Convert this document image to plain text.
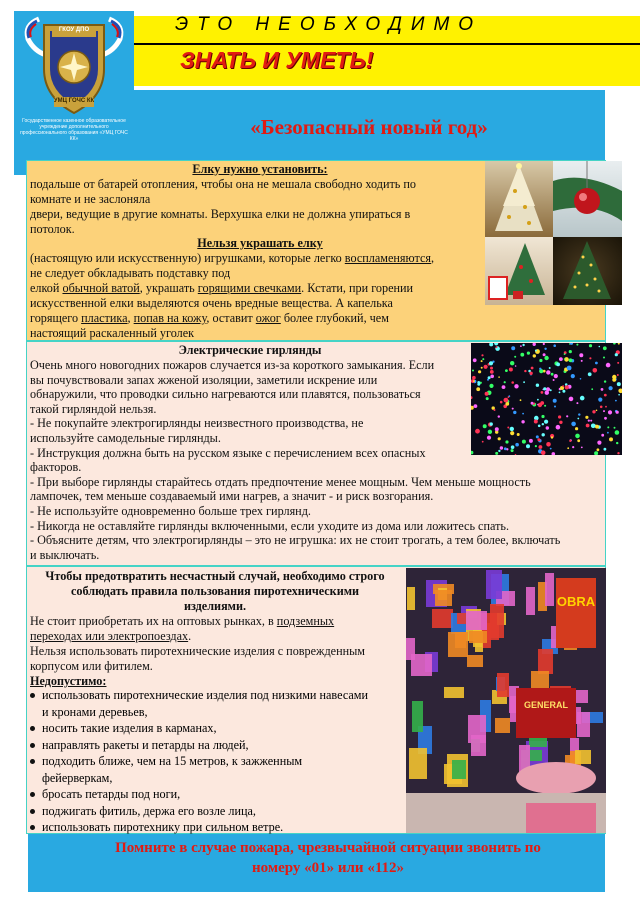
ЭТО НЕОБХОДИМО
ЗНАТЬ И УМЕТЬ!
ГКОУ ДПО
УМЦ ГОЧС КК
Государственное казенное образовательное учреждение дополнительного профессионального образования «УМЦ ГОЧС КК»	«Безопасный новый год»
Елку нужно установить:
подальше от батарей отопления, чтобы она не мешала свободно ходить по
комнате и не заслоняла
двери, ведущие в другие комнаты. Верхушка елки не должна упираться в
потолок.
Нельзя украшать елку
(настоящую или искусственную) игрушками, которые легко воспламеняются,
не следует обкладывать подставку под
елкой обычной ватой, украшать горящими свечками. Кстати, при горении
искусственной елки выделяются очень вредные вещества. А капелька
горящего пластика, попав на кожу, оставит ожог более глубокий, чем
настоящий раскаленный уголек
Электрические гирлянды
Очень много новогодних пожаров случается из-за короткого замыкания. Если
вы почувствовали запах жженой изоляции, заметили искрение или
обнаружили, что проводки сильно нагреваются или плавятся, пользоваться
такой гирляндой нельзя.
- Не покупайте электрогирлянды неизвестного производства, не
используйте самодельные гирлянды.
- Инструкция должна быть на русском языке с перечислением всех опасных
факторов.
- При выборе гирлянды старайтесь отдать предпочтение менее мощным. Чем меньше мощность
лампочек, тем меньше создаваемый ими нагрев, а значит - и риск возгорания.
- Не используйте одновременно больше трех гирлянд.
- Никогда не оставляйте гирлянды включенными, если уходите из дома или ложитесь спать.
- Объясните детям, что электрогирлянды – это не игрушка: их не стоит трогать, а тем более, включать
и выключать.
Чтобы предотвратить несчастный случай, необходимо строго
соблюдать правила пользования пиротехническими
изделиями.
Не стоит приобретать их на оптовых рынках, в подземных
переходах или электропоездах.
Нельзя использовать пиротехнические изделия с поврежденным
корпусом или фитилем.
Недопустимо:
использовать пиротехнические изделия под низкими навесами
и кронами деревьев,
носить такие изделия в карманах,
направлять ракеты и петарды на людей,
подходить ближе, чем на 15 метров, к зажженным
фейерверкам,
бросать петарды под ноги,
поджигать фитиль, держа его возле лица,
использовать пиротехнику при сильном ветре.
OBRA
GENERAL
Помните в случае пожара, чрезвычайной ситуации звонить по
номеру «01» или «112»
